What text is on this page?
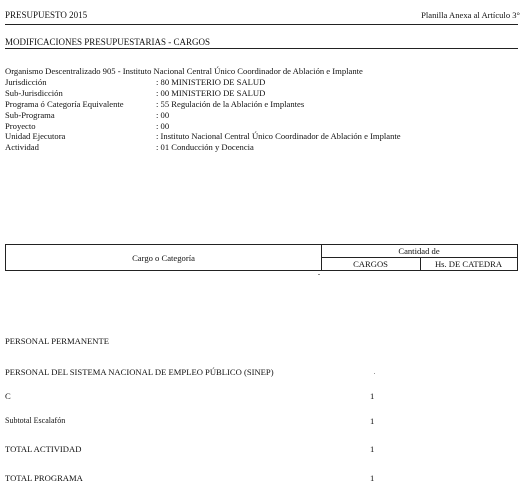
PRESUPUESTO 2015	Planilla Anexa al Artículo 3°
MODIFICACIONES PRESUPUESTARIAS - CARGOS
Organismo Descentralizado 905 - Instituto Nacional Central Único Coordinador de Ablación e Implante
Jurisdicción	: 80 MINISTERIO DE SALUD
Sub-Jurisdicción	: 00 MINISTERIO DE SALUD
Programa ó Categoría Equivalente	: 55 Regulación de la Ablación e Implantes
Sub-Programa	: 00
Proyecto	: 00
Unidad Ejecutora	: Instituto Nacional Central Único Coordinador de Ablación e Implante
Actividad	: 01 Conducción y Docencia
Cargo o Categoría
Cantidad de
CARGOS	Hs. DE CATEDRA
PERSONAL PERMANENTE
PERSONAL DEL SISTEMA NACIONAL DE EMPLEO PÚBLICO (SINEP)
C	1
Subtotal Escalafón	1
TOTAL ACTIVIDAD	1
TOTAL PROGRAMA	1
